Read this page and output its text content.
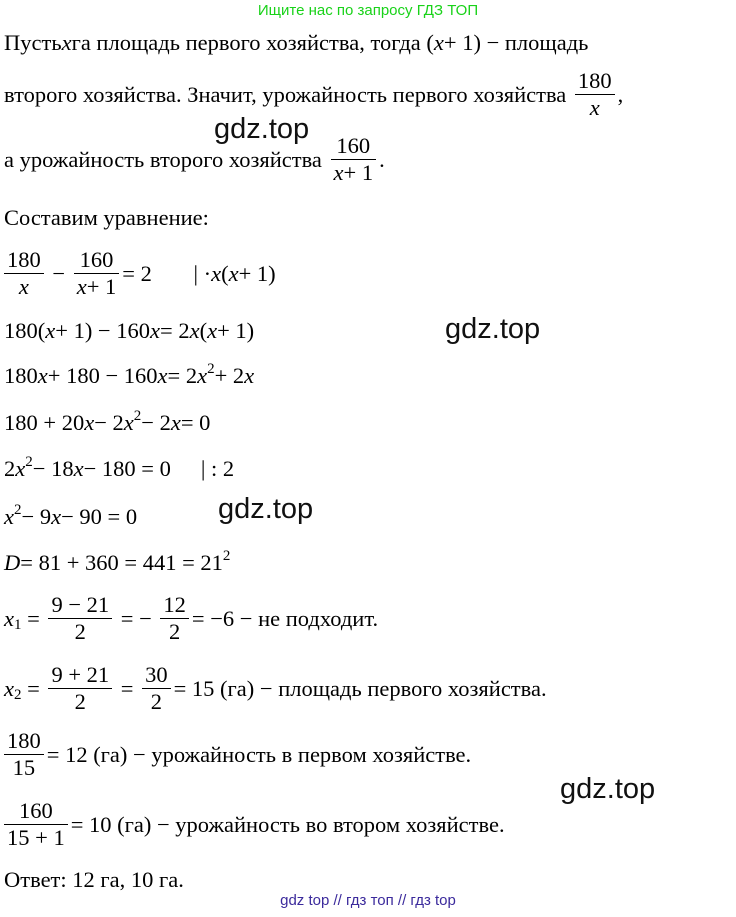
Ищите нас по запросу ГДЗ ТОП
Пустьxга площадь первого хозяйства, тогда (x+ 1) − площадь
второго хозяйства. Значит, урожайность первого хозяйства $\frac{180}{x}$ ,
а урожайность второго хозяйства $\frac{160}{x+ 1}$ .
Составим уравнение:
$\frac{180}{x} - \frac{160}{x+ 1} = 2$ | ·x(x+ 1)
180(x+ 1) − 160x= 2x(x+ 1)
180x+ 180 − 160x= 2x2+ 2x
180 + 20x− 2x2− 2x= 0
2x2− 18x− 180 = 0 | : 2
x2− 9x− 90 = 0
D= 81 + 360 = 441 = 212
$x1 = \frac{9 - 21}{2}$ = − $\frac{12}{2} = -6$ − не подходит.
$x2 = \frac{9 + 21}{2} = \frac{30}{2} = 15$ (га) − площадь первого хозяйства.
$\frac{180}{15} = 12$ (га) − урожайность в первом хозяйстве.
$\frac{160}{15 + 1} = 10$ (га) − урожайность во втором хозяйстве.
Ответ: 12 га, 10 га.
gdz.top
gdz.top
gdz.top
gdz.top
gdz top // гдз топ // гдз top
